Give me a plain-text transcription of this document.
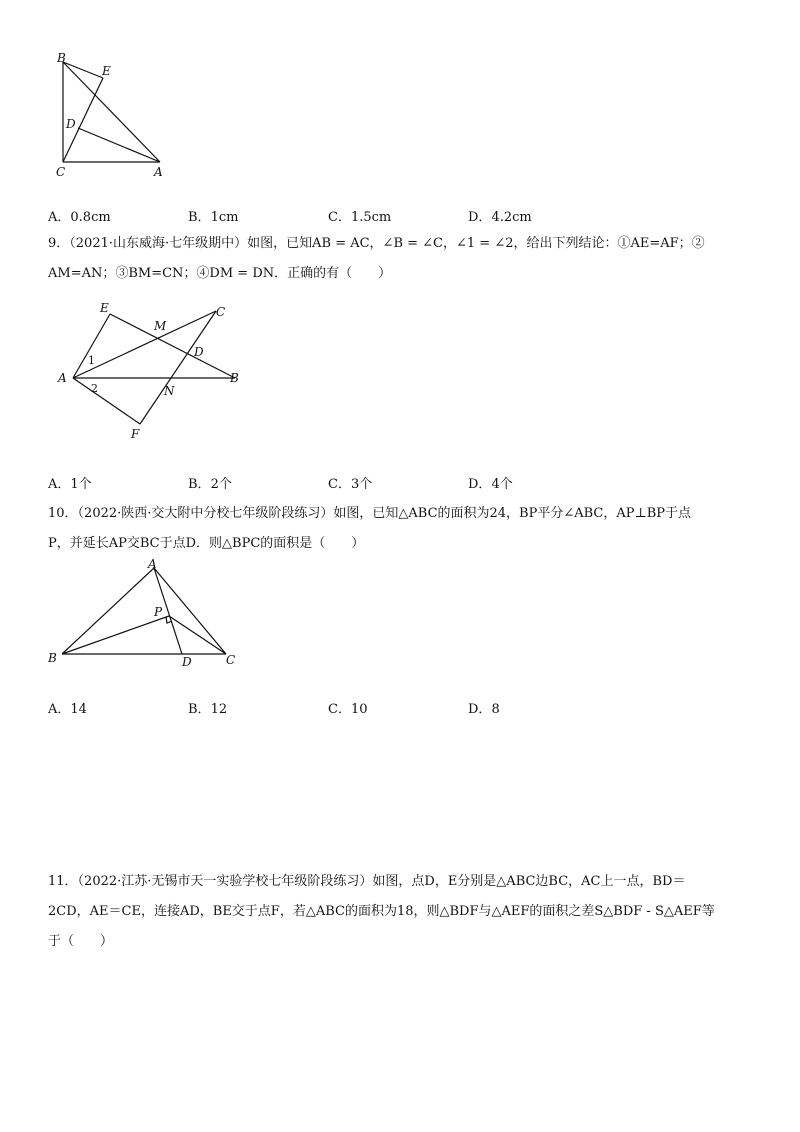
B
E
D
C	A
A．0.8cm	B．1cm	C．1.5cm	D．4.2cm
9．（2021·山东威海·七年级期中）如图，已知AB = AC，∠B = ∠C，∠1 = ∠2，给出下列结论：①AE=AF；②
AM=AN；③BM=CN；④DM = DN．正确的有（　　）
E
M
C
D
A
1
2	N
B
F
A．1个	B．2个	C．3个	D．4个
10．（2022·陕西·交大附中分校七年级阶段练习）如图，已知△ABC的面积为24，BP平分∠ABC，AP⊥BP于点
P，并延长AP交BC于点D．则△BPC的面积是（　　）
A
P
B	D	C
A．14	B．12	C．10	D．8
11．（2022·江苏·无锡市天一实验学校七年级阶段练习）如图，点D，E分别是△ABC边BC，AC上一点，BD＝
2CD，AE＝CE，连接AD，BE交于点F，若△ABC的面积为18，则△BDF与△AEF的面积之差S△BDF - S△AEF等
于（　　）
